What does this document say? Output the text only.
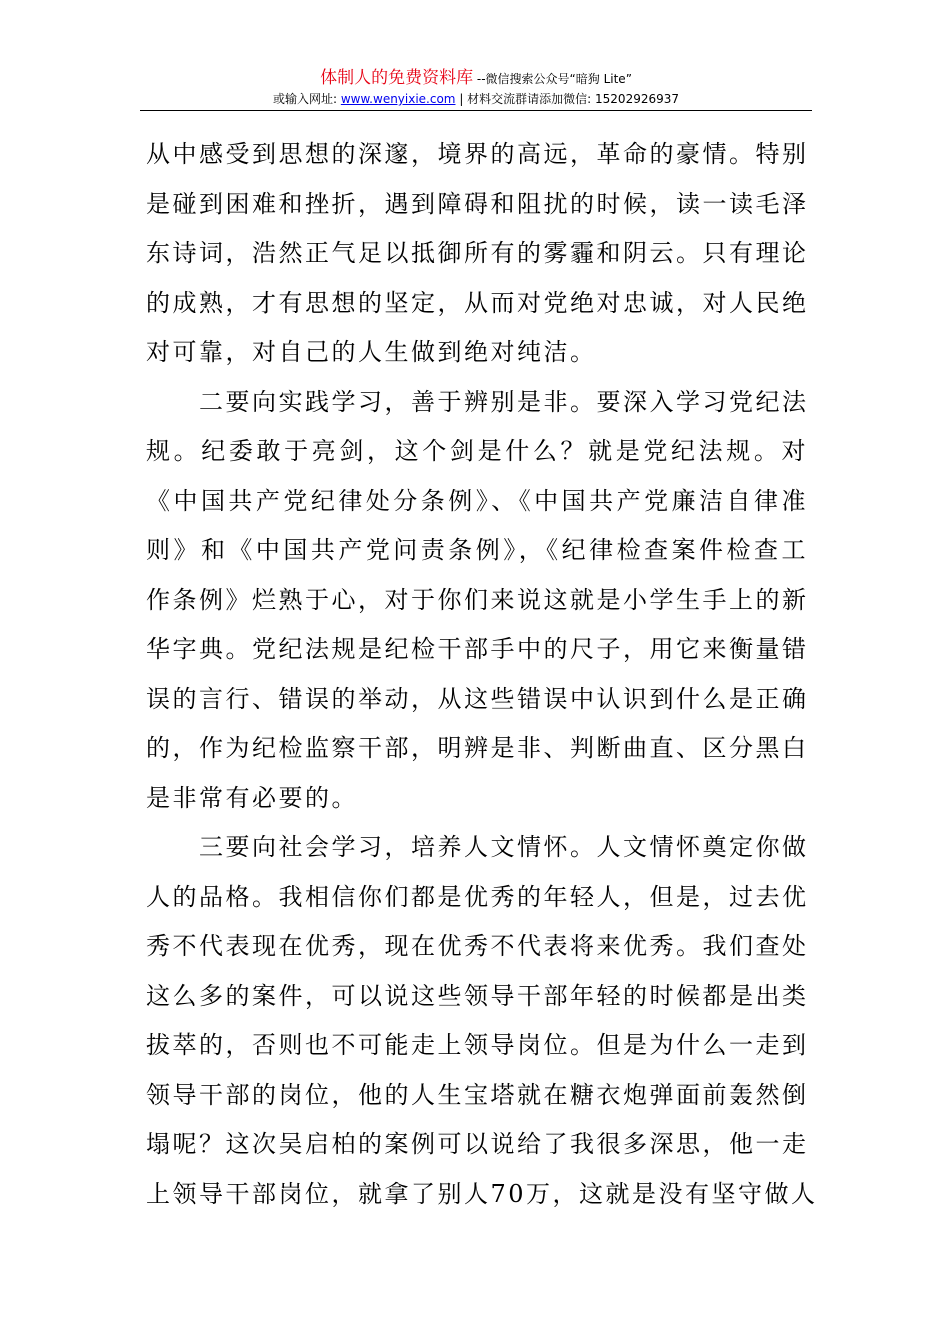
体制人的免费资料库 --微信搜索公众号“暗狗 Lite”
或输入网址: www.wenyixie.com | 材料交流群请添加微信: 15202926937
从中感受到思想的深邃，境界的高远，革命的豪情。特别
是碰到困难和挫折，遇到障碍和阻扰的时候，读一读毛泽
东诗词，浩然正气足以抵御所有的雾霾和阴云。只有理论
的成熟，才有思想的坚定，从而对党绝对忠诚，对人民绝
对可靠，对自己的人生做到绝对纯洁。
　　二要向实践学习，善于辨别是非。要深入学习党纪法
规。纪委敢于亮剑，这个剑是什么？就是党纪法规。对
《中国共产党纪律处分条例》、《中国共产党廉洁自律准
则》和《中国共产党问责条例》，《纪律检查案件检查工
作条例》烂熟于心，对于你们来说这就是小学生手上的新
华字典。党纪法规是纪检干部手中的尺子，用它来衡量错
误的言行、错误的举动，从这些错误中认识到什么是正确
的，作为纪检监察干部，明辨是非、判断曲直、区分黑白
是非常有必要的。
　　三要向社会学习，培养人文情怀。人文情怀奠定你做
人的品格。我相信你们都是优秀的年轻人，但是，过去优
秀不代表现在优秀，现在优秀不代表将来优秀。我们查处
这么多的案件，可以说这些领导干部年轻的时候都是出类
拔萃的，否则也不可能走上领导岗位。但是为什么一走到
领导干部的岗位，他的人生宝塔就在糖衣炮弹面前轰然倒
塌呢？这次吴启柏的案例可以说给了我很多深思，他一走
上领导干部岗位，就拿了别人70万，这就是没有坚守做人
